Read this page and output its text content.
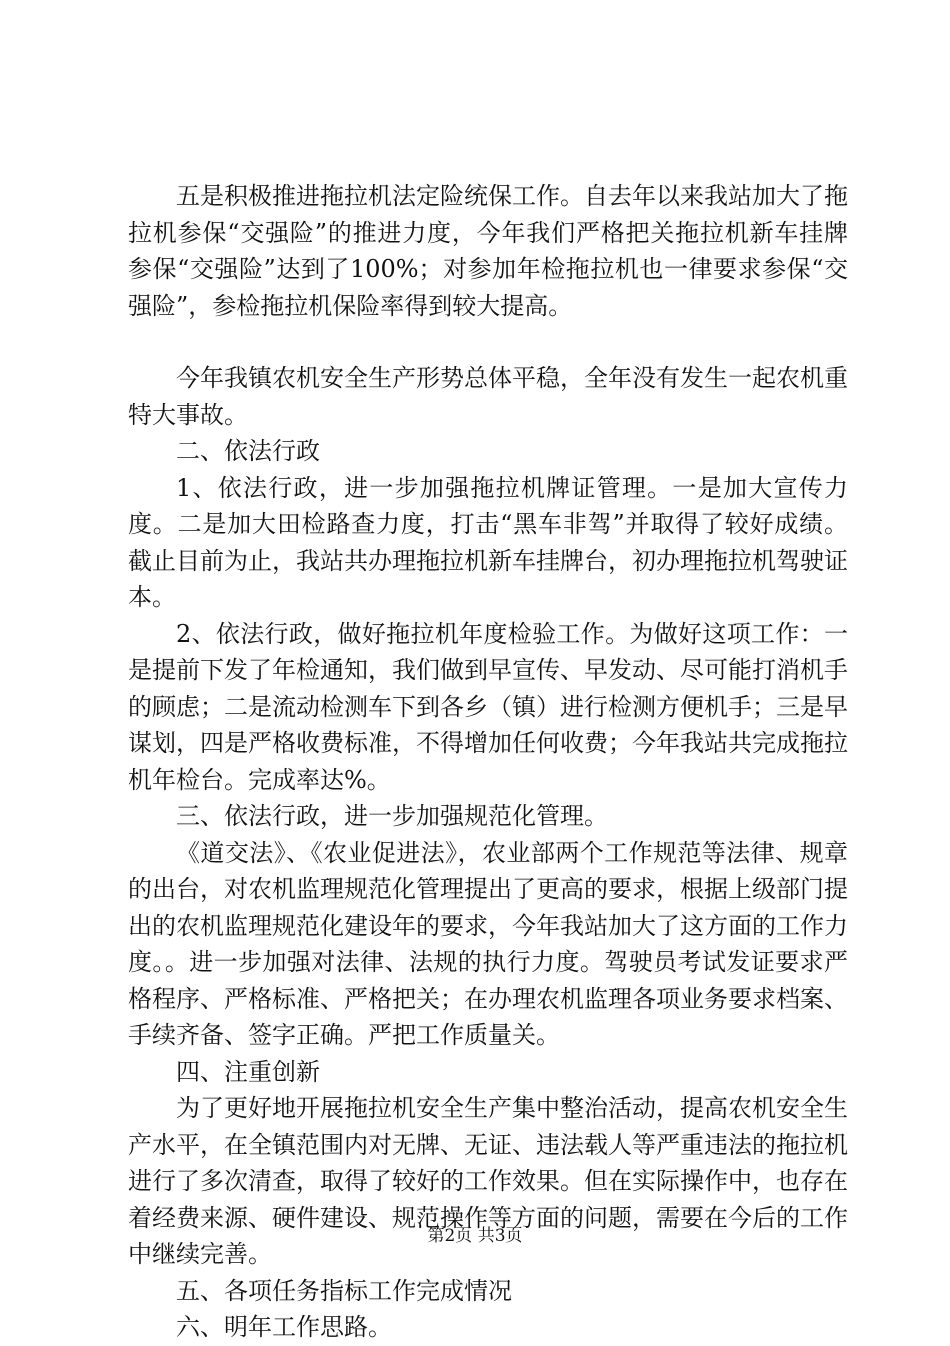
五是积极推进拖拉机法定险统保工作。自去年以来我站加大了拖拉机参保“交强险”的推进力度，今年我们严格把关拖拉机新车挂牌参保“交强险”达到了100%；对参加年检拖拉机也一律要求参保“交强险”，参检拖拉机保险率得到较大提高。

今年我镇农机安全生产形势总体平稳，全年没有发生一起农机重特大事故。

二、依法行政

1、依法行政，进一步加强拖拉机牌证管理。一是加大宣传力度。二是加大田检路查力度，打击“黑车非驾”并取得了较好成绩。截止目前为止，我站共办理拖拉机新车挂牌台，初办理拖拉机驾驶证本。

2、依法行政，做好拖拉机年度检验工作。为做好这项工作：一是提前下发了年检通知，我们做到早宣传、早发动、尽可能打消机手的顾虑；二是流动检测车下到各乡（镇）进行检测方便机手；三是早谋划，四是严格收费标准，不得增加任何收费；今年我站共完成拖拉机年检台。完成率达%。

三、依法行政，进一步加强规范化管理。

《道交法》、《农业促进法》，农业部两个工作规范等法律、规章的出台，对农机监理规范化管理提出了更高的要求，根据上级部门提出的农机监理规范化建设年的要求，今年我站加大了这方面的工作力度。。进一步加强对法律、法规的执行力度。驾驶员考试发证要求严格程序、严格标准、严格把关；在办理农机监理各项业务要求档案、手续齐备、签字正确。严把工作质量关。

四、注重创新

为了更好地开展拖拉机安全生产集中整治活动，提高农机安全生产水平，在全镇范围内对无牌、无证、违法载人等严重违法的拖拉机进行了多次清查，取得了较好的工作效果。但在实际操作中，也存在着经费来源、硬件建设、规范操作等方面的问题，需要在今后的工作中继续完善。

五、各项任务指标工作完成情况

六、明年工作思路。

第2页 共3页
